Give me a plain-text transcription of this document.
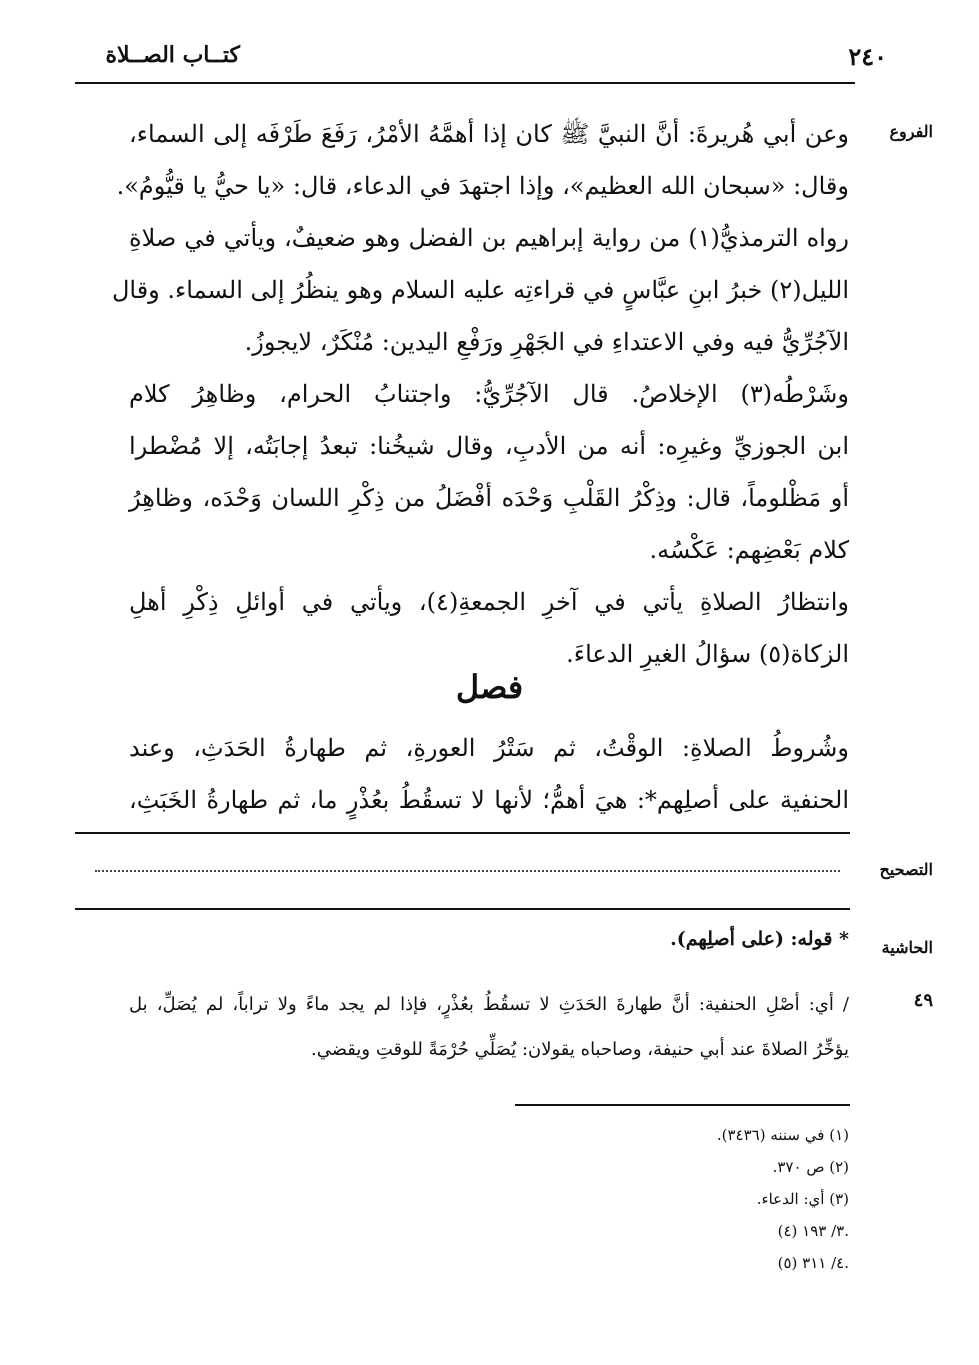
كتــاب الصــلاة	٢٤٠
الفروع
التصحيح
الحاشية
٤٩
وعن أبي هُريرةَ: أنَّ النبيَّ ﷺ كان إذا أهمَّهُ الأمْرُ، رَفَعَ طَرْفَه إلى السماء،
وقال: «سبحان الله العظيم»، وإذا اجتهدَ في الدعاء، قال: «يا حيُّ يا قيُّومُ».
رواه الترمذيُّ(١) من رواية إبراهيم بن الفضل وهو ضعيفٌ، ويأتي في صلاةِ
الليل(٢) خبرُ ابنِ عبَّاسٍ في قراءتِه عليه السلام وهو ينظُرُ إلى السماء. وقال
الآجُرِّيُّ فيه وفي الاعتداءِ في الجَهْرِ ورَفْعِ اليدين: مُنْكَرٌ، لايجوزُ.
وشَرْطُه(٣) الإخلاصُ. قال الآجُرِّيُّ: واجتنابُ الحرام، وظاهِرُ كلام
ابن الجوزيِّ وغيرِه: أنه من الأدبِ، وقال شيخُنا: تبعدُ إجابَتُه، إلا مُضْطرا
أو مَظْلوماً، قال: وذِكْرُ القَلْبِ وَحْدَه أفْضَلُ من ذِكْرِ اللسان وَحْدَه، وظاهِرُ
كلام بَعْضِهم: عَكْسُه.
وانتظارُ الصلاةِ يأتي في آخرِ الجمعةِ(٤)، ويأتي في أوائلِ ذِكْرِ أهلِ
الزكاة(٥) سؤالُ الغيرِ الدعاءَ.
فصل
وشُروطُ الصلاةِ: الوقْتُ، ثم سَتْرُ العورةِ، ثم طهارةُ الحَدَثِ، وعند
الحنفية على أصلِهم*: هيَ أهمُّ؛ لأنها لا تسقُطُ بعُذْرٍ ما، ثم طهارةُ الخَبَثِ،
* قوله: (على أصلِهم).
/ أي: أصْلِ الحنفية: أنَّ طهارةَ الحَدَثِ لا تسقُطُ بعُذْرٍ، فإذا لم يجد ماءً ولا تراباً، لم يُصَلِّ، بل
يؤخِّرُ الصلاةَ عند أبي حنيفة، وصاحباه يقولان: يُصَلِّي حُرْمَةً للوقتِ ويقضي.
(١) في سننه (٣٤٣٦).
(٢) ص ٣٧٠.
(٣) أي: الدعاء.
(٤) ٣/ ١٩٣.
(٥) ٤/ ٣١١.
